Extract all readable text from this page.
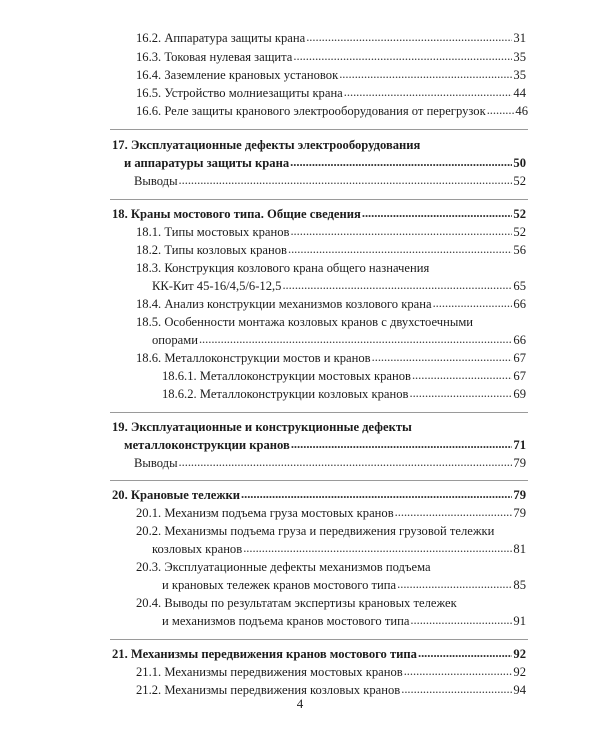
16.2. Аппаратура защиты крана . . .	31
16.3. Токовая нулевая защита . . .	35
16.4. Заземление крановых установок . . .	35
16.5. Устройство молниезащиты крана . . .	44
16.6. Реле защиты кранового электрооборудования от перегрузок . . . 46
17. Эксплуатационные дефекты электрооборудования
и аппаратуры защиты крана . . .	50
Выводы . . .	52
18. Краны мостового типа. Общие сведения . . .	52
18.1. Типы мостовых кранов . . .	52
18.2. Типы козловых кранов . . .	56
18.3. Конструкция козлового крана общего назначения
КК-Кит 45-16/4,5/6-12,5 . . .	65
18.4. Анализ конструкции механизмов козлового крана . . .	66
18.5. Особенности монтажа козловых кранов с двухстоечными
опорами . . .	66
18.6. Металлоконструкции мостов и кранов . . .	67
18.6.1. Металлоконструкции мостовых кранов . . .	67
18.6.2. Металлоконструкции козловых кранов . . .	69
19. Эксплуатационные и конструкционные дефекты
металлоконструкции кранов . . .	71
Выводы . . .	79
20. Крановые тележки . . .	79
20.1. Механизм подъема груза мостовых кранов . . .	79
20.2. Механизмы подъема груза и передвижения грузовой тележки
козловых кранов . . .	81
20.3. Эксплуатационные дефекты механизмов подъема
и крановых тележек кранов мостового типа . . .	85
20.4. Выводы по результатам экспертизы крановых тележек
и механизмов подъема кранов мостового типа . . .	91
21. Механизмы передвижения кранов мостового типа . . .	92
21.1. Механизмы передвижения мостовых кранов . . .	92
21.2. Механизмы передвижения козловых кранов . . .	94
4
